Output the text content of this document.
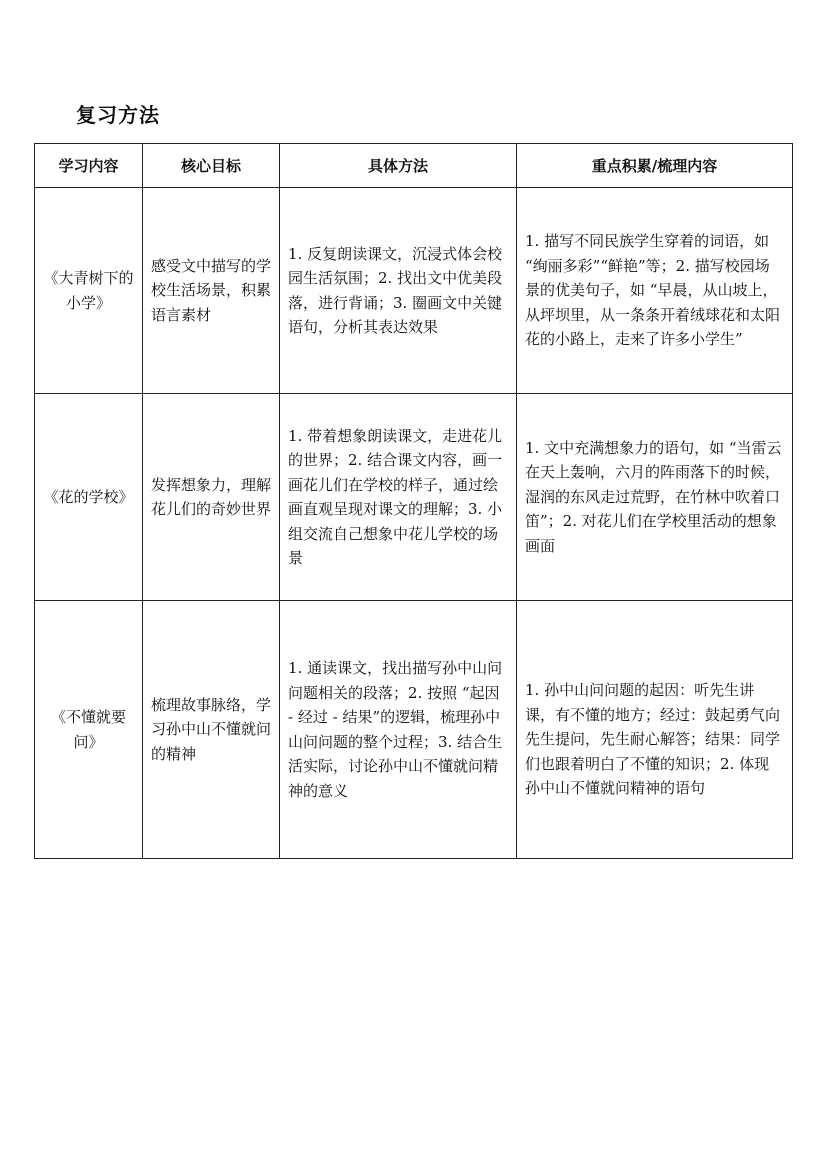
复习方法
学习内容	核心目标	具体方法	重点积累/梳理内容
《大青树下的小学》	感受文中描写的学校生活场景，积累语言素材	1. 反复朗读课文，沉浸式体会校园生活氛围；2. 找出文中优美段落，进行背诵；3. 圈画文中关键语句，分析其表达效果	1. 描写不同民族学生穿着的词语，如 “绚丽多彩”“鲜艳”等；2. 描写校园场景的优美句子，如 “早晨，从山坡上，从坪坝里，从一条条开着绒球花和太阳花的小路上，走来了许多小学生”
《花的学校》	发挥想象力，理解花儿们的奇妙世界	1. 带着想象朗读课文，走进花儿的世界；2. 结合课文内容，画一画花儿们在学校的样子，通过绘画直观呈现对课文的理解；3. 小组交流自己想象中花儿学校的场景	1. 文中充满想象力的语句，如 “当雷云在天上轰响，六月的阵雨落下的时候，湿润的东风走过荒野，在竹林中吹着口笛”；2. 对花儿们在学校里活动的想象画面
《不懂就要问》	梳理故事脉络，学习孙中山不懂就问的精神	1. 通读课文，找出描写孙中山问问题相关的段落；2. 按照 “起因 - 经过 - 结果”的逻辑，梳理孙中山问问题的整个过程；3. 结合生活实际，讨论孙中山不懂就问精神的意义	1. 孙中山问问题的起因：听先生讲课，有不懂的地方；经过：鼓起勇气向先生提问，先生耐心解答；结果：同学们也跟着明白了不懂的知识；2. 体现孙中山不懂就问精神的语句
